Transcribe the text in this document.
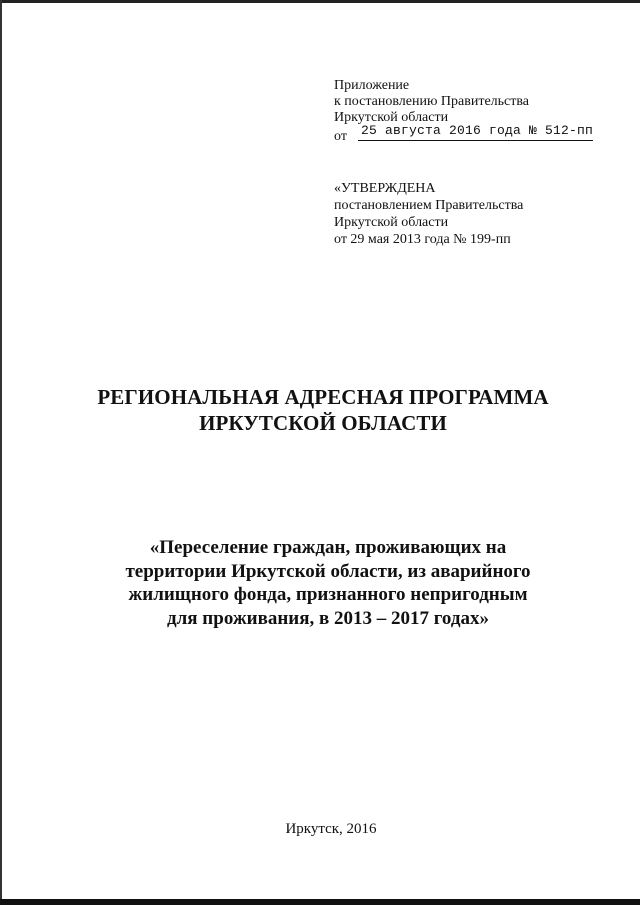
Приложение
к постановлению Правительства
Иркутской области
от 25 августа 2016 года № 512-пп
«УТВЕРЖДЕНА
постановлением Правительства
Иркутской области
от 29 мая 2013 года № 199-пп
РЕГИОНАЛЬНАЯ АДРЕСНАЯ ПРОГРАММА
ИРКУТСКОЙ ОБЛАСТИ
«Переселение граждан, проживающих на
территории Иркутской области, из аварийного
жилищного фонда, признанного непригодным
для проживания, в 2013 – 2017 годах»
Иркутск, 2016
